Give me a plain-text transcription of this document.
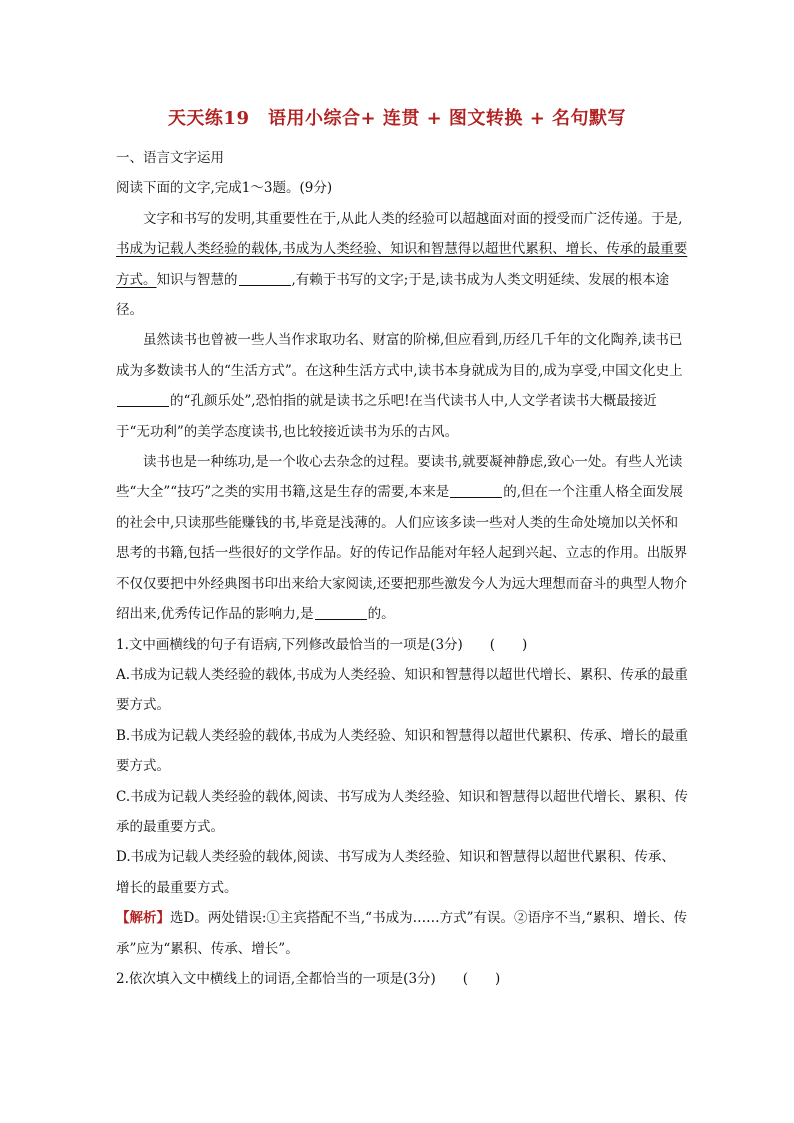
天天练19　语用小综合+ 连贯 + 图文转换 + 名句默写

一、语言文字运用

阅读下面的文字,完成1～3题。(9分)

文字和书写的发明,其重要性在于,从此人类的经验可以超越面对面的授受而广泛传递。于是,书成为记载人类经验的载体,书成为人类经验、知识和智慧得以超世代累积、增长、传承的最重要方式。知识与智慧的	,有赖于书写的文字;于是,读书成为人类文明延续、发展的根本途径。

虽然读书也曾被一些人当作求取功名、财富的阶梯,但应看到,历经几千年的文化陶养,读书已成为多数读书人的“生活方式”。在这种生活方式中,读书本身就成为目的,成为享受,中国文化史上的“孔颜乐处”,恐怕指的就是读书之乐吧!在当代读书人中,人文学者读书大概最接近于“无功利”的美学态度读书,也比较接近读书为乐的古风。

读书也是一种练功,是一个收心去杂念的过程。要读书,就要凝神静虑,致心一处。有些人光读些“大全”“技巧”之类的实用书籍,这是生存的需要,本来是	的,但在一个注重人格全面发展的社会中,只读那些能赚钱的书,毕竟是浅薄的。人们应该多读一些对人类的生命处境加以关怀和思考的书籍,包括一些很好的文学作品。好的传记作品能对年轻人起到兴起、立志的作用。出版界不仅仅要把中外经典图书印出来给大家阅读,还要把那些激发今人为远大理想而奋斗的典型人物介绍出来,优秀传记作品的影响力,是	的。

1.文中画横线的句子有语病,下列修改最恰当的一项是(3分)　　(　　)

A.书成为记载人类经验的载体,书成为人类经验、知识和智慧得以超世代增长、累积、传承的最重要方式。

B.书成为记载人类经验的载体,书成为人类经验、知识和智慧得以超世代累积、传承、增长的最重要方式。

C.书成为记载人类经验的载体,阅读、书写成为人类经验、知识和智慧得以超世代增长、累积、传承的最重要方式。

D.书成为记载人类经验的载体,阅读、书写成为人类经验、知识和智慧得以超世代累积、传承、增长的最重要方式。

【解析】选D。两处错误:①主宾搭配不当,“书成为……方式”有误。②语序不当,“累积、增长、传承”应为“累积、传承、增长”。

2.依次填入文中横线上的词语,全都恰当的一项是(3分)　　(　　)
